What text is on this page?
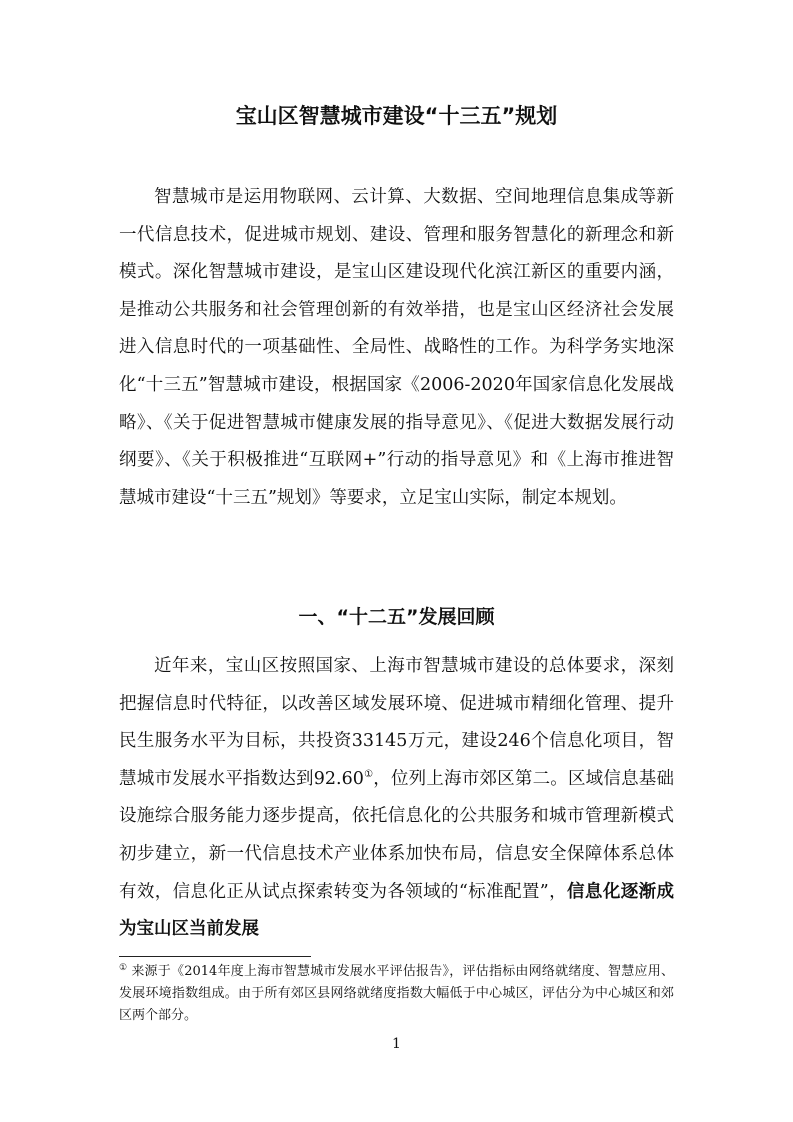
宝山区智慧城市建设“十三五”规划

智慧城市是运用物联网、云计算、大数据、空间地理信息集成等新一代信息技术，促进城市规划、建设、管理和服务智慧化的新理念和新模式。深化智慧城市建设，是宝山区建设现代化滨江新区的重要内涵，是推动公共服务和社会管理创新的有效举措，也是宝山区经济社会发展进入信息时代的一项基础性、全局性、战略性的工作。为科学务实地深化“十三五”智慧城市建设，根据国家《2006-2020年国家信息化发展战略》、《关于促进智慧城市健康发展的指导意见》、《促进大数据发展行动纲要》、《关于积极推进“互联网+”行动的指导意见》和《上海市推进智慧城市建设“十三五”规划》等要求，立足宝山实际，制定本规划。

一、“十二五”发展回顾

近年来，宝山区按照国家、上海市智慧城市建设的总体要求，深刻把握信息时代特征，以改善区域发展环境、促进城市精细化管理、提升民生服务水平为目标，共投资33145万元，建设246个信息化项目，智慧城市发展水平指数达到92.60①，位列上海市郊区第二。区域信息基础设施综合服务能力逐步提高，依托信息化的公共服务和城市管理新模式初步建立，新一代信息技术产业体系加快布局，信息安全保障体系总体有效，信息化正从试点探索转变为各领域的“标准配置”，信息化逐渐成为宝山区当前发展

① 来源于《2014年度上海市智慧城市发展水平评估报告》，评估指标由网络就绪度、智慧应用、发展环境指数组成。由于所有郊区县网络就绪度指数大幅低于中心城区，评估分为中心城区和郊区两个部分。

1
